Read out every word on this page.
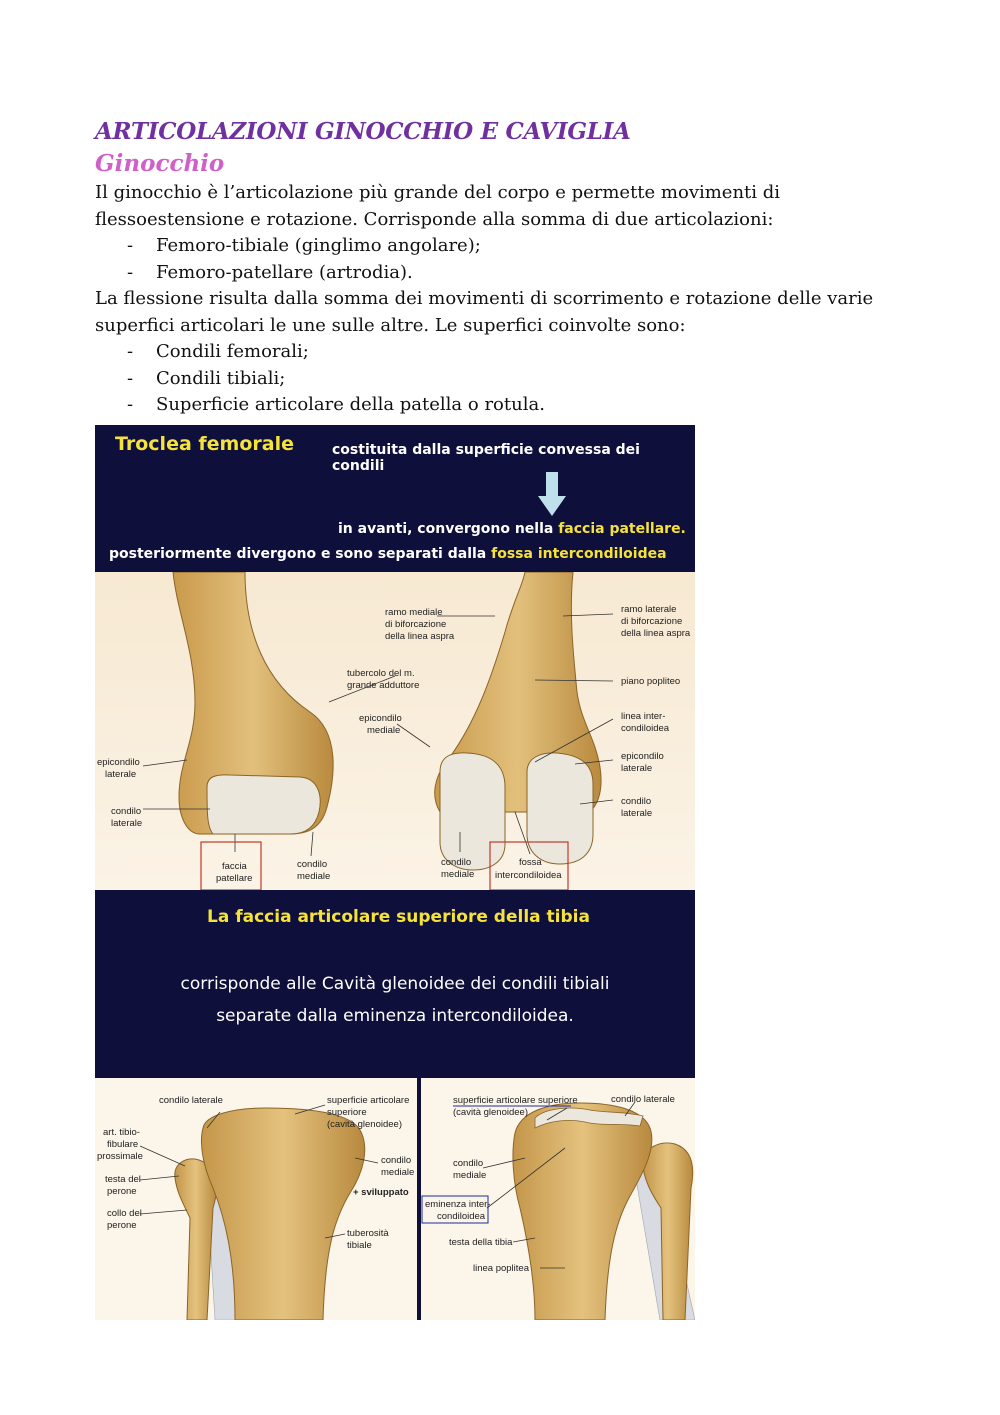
ARTICOLAZIONI GINOCCHIO E CAVIGLIA
Ginocchio

Il ginocchio è l’articolazione più grande del corpo e permette movimenti di
flessoestensione e rotazione. Corrisponde alla somma di due articolazioni:

- Femoro-tibiale (ginglimo angolare);
- Femoro-patellare (artrodia).

La flessione risulta dalla somma dei movimenti di scorrimento e rotazione delle varie
superfici articolari le une sulle altre. Le superfici coinvolte sono:

- Condili femorali;
- Condili tibiali;
- Superficie articolare della patella o rotula.
Troclea femorale	costituita dalla superficie convessa dei condili
in avanti, convergono nella faccia patellare.
posteriormente divergono e sono separati dalla fossa intercondiloidea
ramo mediale di biforcazione della linea aspra
ramo laterale di biforcazione della linea aspra
tubercolo del m. grande adduttore	piano popliteo
epicondilo mediale
linea inter-condiloidea
epicondilo laterale
epicondilo laterale
condilo laterale
condilo laterale
faccia patellare
condilo mediale
condilo mediale
fossa intercondiloidea
La faccia articolare superiore della tibia
corrisponde alle Cavità glenoidee dei condili tibiali
separate dalla eminenza intercondiloidea.
condilo laterale	superficie articolare superiore (cavità glenoidee)
art. tibio-fibulare prossimale
testa del perone
collo del perone
condilo mediale
+ sviluppato
tuberosità tibiale
superficie articolare superiore (cavità glenoidee)
condilo laterale
condilo mediale
eminenza inter-condiloidea
testa della tibia
linea poplitea
